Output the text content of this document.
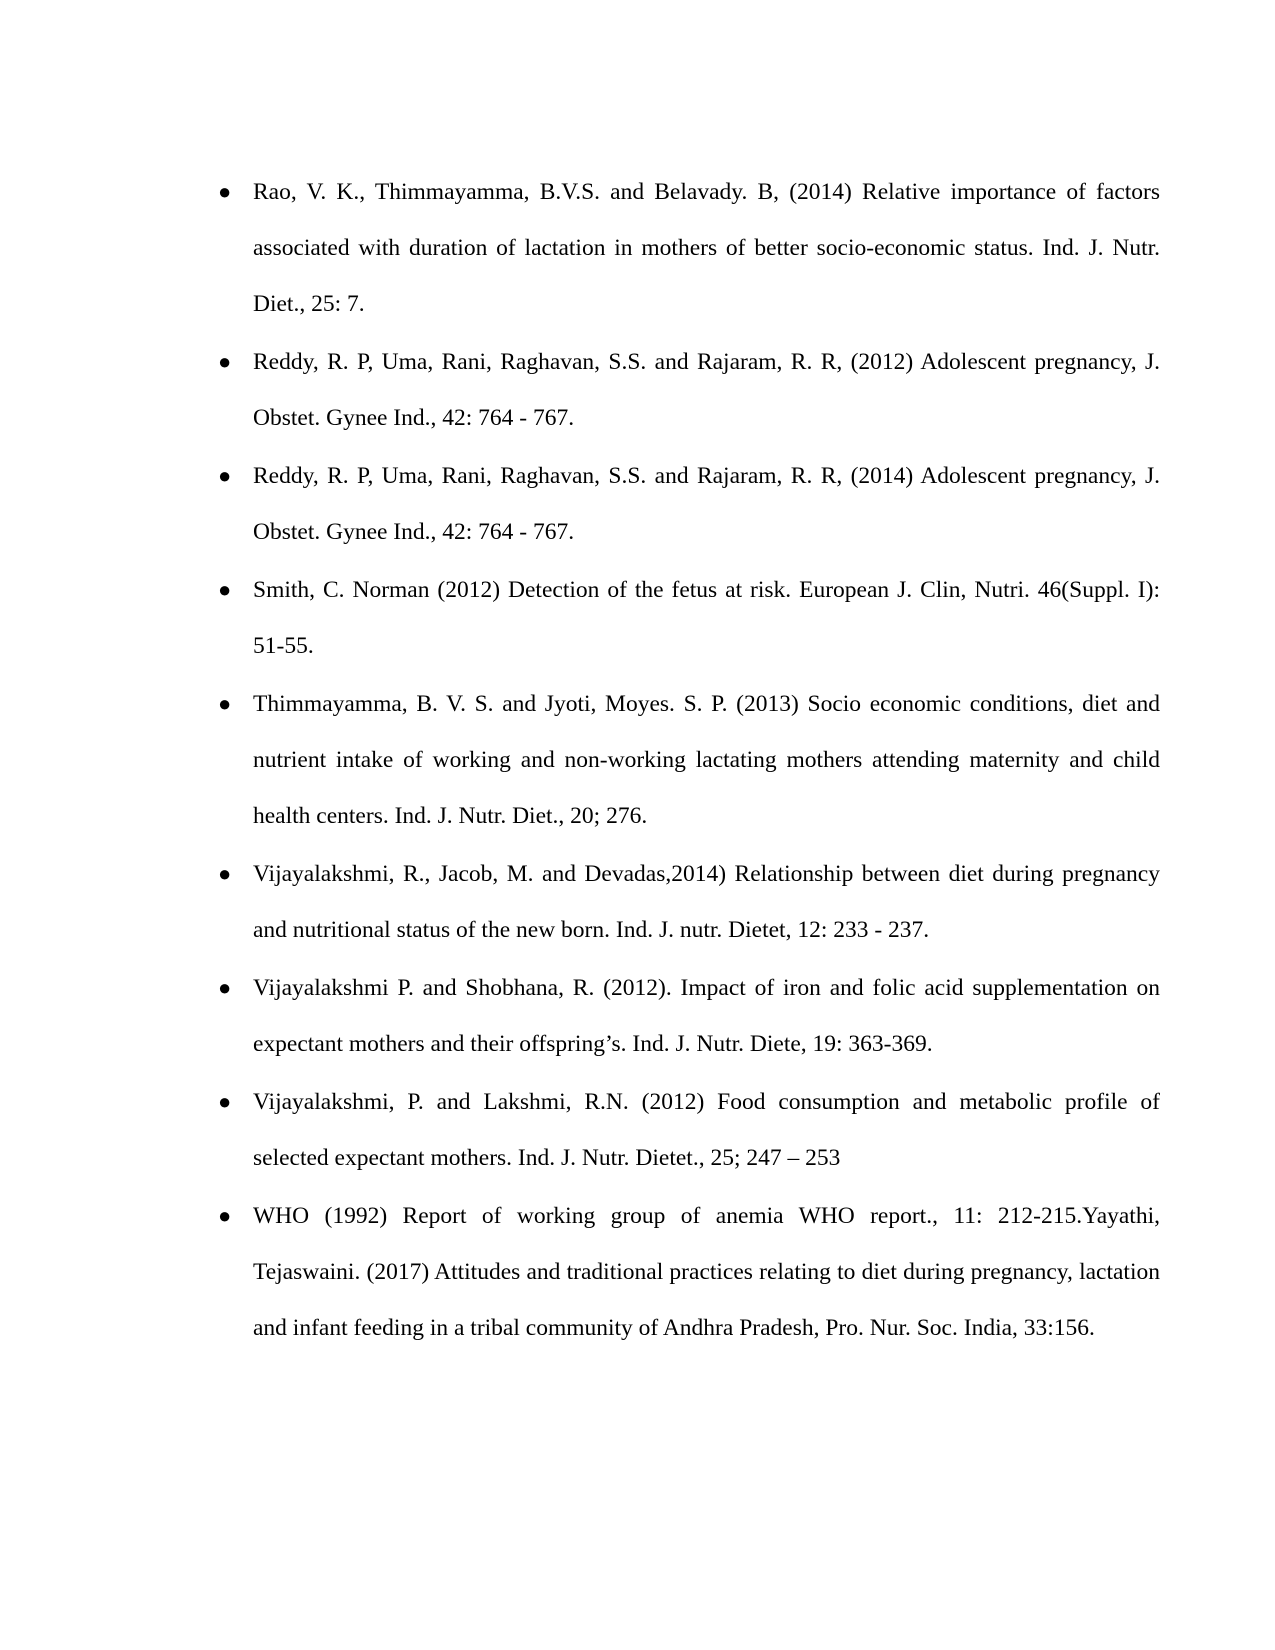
● Rao, V. K., Thimmayamma, B.V.S. and Belavady. B, (2014) Relative importance of factors associated with duration of lactation in mothers of better socio-economic status. Ind. J. Nutr. Diet., 25: 7.
● Reddy, R. P, Uma, Rani, Raghavan, S.S. and Rajaram, R. R, (2012) Adolescent pregnancy, J. Obstet. Gynee Ind., 42: 764 - 767.
● Reddy, R. P, Uma, Rani, Raghavan, S.S. and Rajaram, R. R, (2014) Adolescent pregnancy, J. Obstet. Gynee Ind., 42: 764 - 767.
● Smith, C. Norman (2012) Detection of the fetus at risk. European J. Clin, Nutri. 46(Suppl. I): 51-55.
● Thimmayamma, B. V. S. and Jyoti, Moyes. S. P. (2013) Socio economic conditions, diet and nutrient intake of working and non-working lactating mothers attending maternity and child health centers. Ind. J. Nutr. Diet., 20; 276.
● Vijayalakshmi, R., Jacob, M. and Devadas,2014) Relationship between diet during pregnancy and nutritional status of the new born. Ind. J. nutr. Dietet, 12: 233 - 237.
● Vijayalakshmi P. and Shobhana, R. (2012). Impact of iron and folic acid supplementation on expectant mothers and their offspring’s. Ind. J. Nutr. Diete, 19: 363-369.
● Vijayalakshmi, P. and Lakshmi, R.N. (2012) Food consumption and metabolic profile of selected expectant mothers. Ind. J. Nutr. Dietet., 25; 247 – 253
● WHO (1992) Report of working group of anemia WHO report., 11: 212-215.Yayathi, Tejaswaini. (2017) Attitudes and traditional practices relating to diet during pregnancy, lactation and infant feeding in a tribal community of Andhra Pradesh, Pro. Nur. Soc. India, 33:156.
